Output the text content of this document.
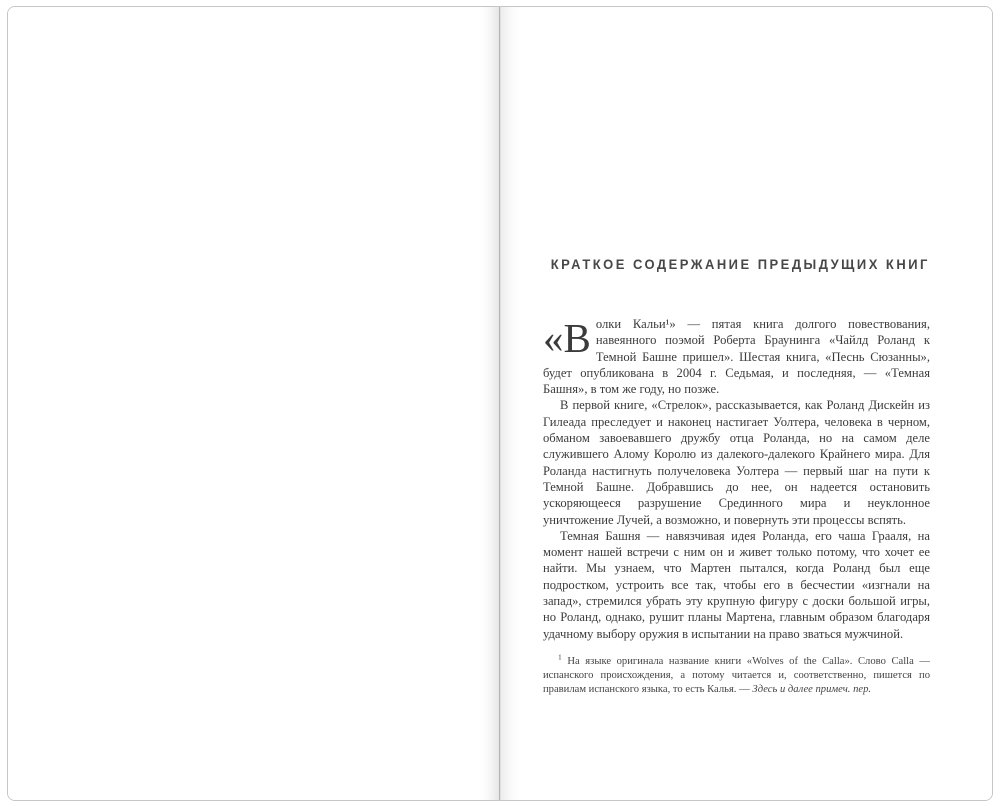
КРАТКОЕ СОДЕРЖАНИЕ ПРЕДЫДУЩИХ КНИГ

«Волки Кальи¹» — пятая книга долгого повествования, навеянного поэмой Роберта Браунинга «Чайлд Роланд к Темной Башне пришел». Шестая книга, «Песнь Сюзанны», будет опубликована в 2004 г. Седьмая, и последняя, — «Темная Башня», в том же году, но позже.

В первой книге, «Стрелок», рассказывается, как Роланд Дискейн из Гилеада преследует и наконец настигает Уолтера, человека в черном, обманом завоевавшего дружбу отца Роланда, но на самом деле служившего Алому Королю из далекого-далекого Крайнего мира. Для Роланда настигнуть получеловека Уолтера — первый шаг на пути к Темной Башне. Добравшись до нее, он надеется остановить ускоряющееся разрушение Срединного мира и неуклонное уничтожение Лучей, а возможно, и повернуть эти процессы вспять.

Темная Башня — навязчивая идея Роланда, его чаша Грааля, на момент нашей встречи с ним он и живет только потому, что хочет ее найти. Мы узнаем, что Мартен пытался, когда Роланд был еще подростком, устроить все так, чтобы его в бесчестии «изгнали на запад», стремился убрать эту крупную фигуру с доски большой игры, но Роланд, однако, рушит планы Мартена, главным образом благодаря удачному выбору оружия в испытании на право зваться мужчиной.

$^1$ На языке оригинала название книги «Wolves of the Calla». Слово Calla — испанского происхождения, а потому читается и, соответственно, пишется по правилам испанского языка, то есть Калья. — Здесь и далее примеч. пер.
